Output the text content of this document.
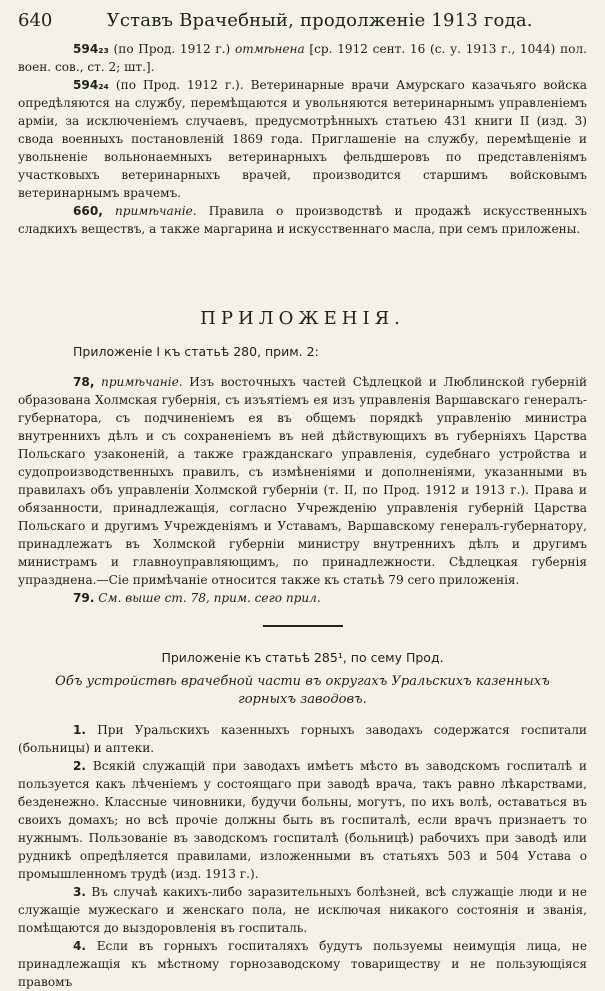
640	Уставъ Врачебный, продолженіе 1913 года.

594₂₃ (по Прод. 1912 г.) отмѣнена [ср. 1912 сент. 16 (с. у. 1913 г., 1044) пол. воен. сов., ст. 2; шт.].

594₂₄ (по Прод. 1912 г.). Ветеринарные врачи Амурскаго казачьяго войска опредѣляются на службу, перемѣщаются и увольняются ветеринарнымъ управленіемъ арміи, за исключеніемъ случаевъ, предусмотрѣнныхъ статьею 431 книги II (изд. 3) свода военныхъ постановленій 1869 года. Приглашеніе на службу, перемѣщеніе и увольненіе вольнонаемныхъ ветеринарныхъ фельдшеровъ по представленіямъ участковыхъ ветеринарныхъ врачей, производится старшимъ войсковымъ ветеринарнымъ врачемъ.

660, примѣчаніе. Правила о производствѣ и продажѣ искусственныхъ сладкихъ веществъ, а также маргарина и искусственнаго масла, при семъ приложены.

ПРИЛОЖЕНІЯ.
Приложеніе I къ статьѣ 280, прим. 2:

78, примѣчаніе. Изъ восточныхъ частей Сѣдлецкой и Люблинской губерній образована Холмская губернія, съ изъятіемъ ея изъ управленія Варшавскаго генералъ-губернатора, съ подчиненіемъ ея въ общемъ порядкѣ управленію министра внутреннихъ дѣлъ и съ сохраненіемъ въ ней дѣйствующихъ въ губерніяхъ Царства Польскаго узаконеній, а также гражданскаго управленія, судебнаго устройства и судопроизводственныхъ правилъ, съ измѣненіями и дополненіями, указанными въ правилахъ объ управленіи Холмской губерніи (т. II, по Прод. 1912 и 1913 г.). Права и обязанности, принадлежащія, согласно Учрежденію управленія губерній Царства Польскаго и другимъ Учрежденіямъ и Уставамъ, Варшавскому генералъ-губернатору, принадлежатъ въ Холмской губерніи министру внутреннихъ дѣлъ и другимъ министрамъ и главноуправляющимъ, по принадлежности. Сѣдлецкая губернія упразднена.—Сіе примѣчаніе относится также къ статьѣ 79 сего приложенія.

79. См. выше ст. 78, прим. сего прил.

Приложеніе къ статьѣ 285¹, по сему Прод.
Объ устройствѣ врачебной части въ округахъ Уральскихъ казенныхъ горныхъ заводовъ.

1. При Уральскихъ казенныхъ горныхъ заводахъ содержатся госпитали (больницы) и аптеки.

2. Всякій служащій при заводахъ имѣетъ мѣсто въ заводскомъ госпиталѣ и пользуется какъ лѣченіемъ у состоящаго при заводѣ врача, такъ равно лѣкарствами, безденежно. Классные чиновники, будучи больны, могутъ, по ихъ волѣ, оставаться въ своихъ домахъ; но всѣ прочіе должны быть въ госпиталѣ, если врачъ признаетъ то нужнымъ. Пользованіе въ заводскомъ госпиталѣ (больницѣ) рабочихъ при заводѣ или рудникѣ опредѣляется правилами, изложенными въ статьяхъ 503 и 504 Устава о промышленномъ трудѣ (изд. 1913 г.).

3. Въ случаѣ какихъ-либо заразительныхъ болѣзней, всѣ служащіе люди и не служащіе мужескаго и женскаго пола, не исключая никакого состоянія и званія, помѣщаются до выздоровленія въ госпиталь.

4. Если въ горныхъ госпиталяхъ будутъ пользуемы неимущія лица, не принадлежащія къ мѣстному горнозаводскому товариществу и не пользующіяся правомъ
